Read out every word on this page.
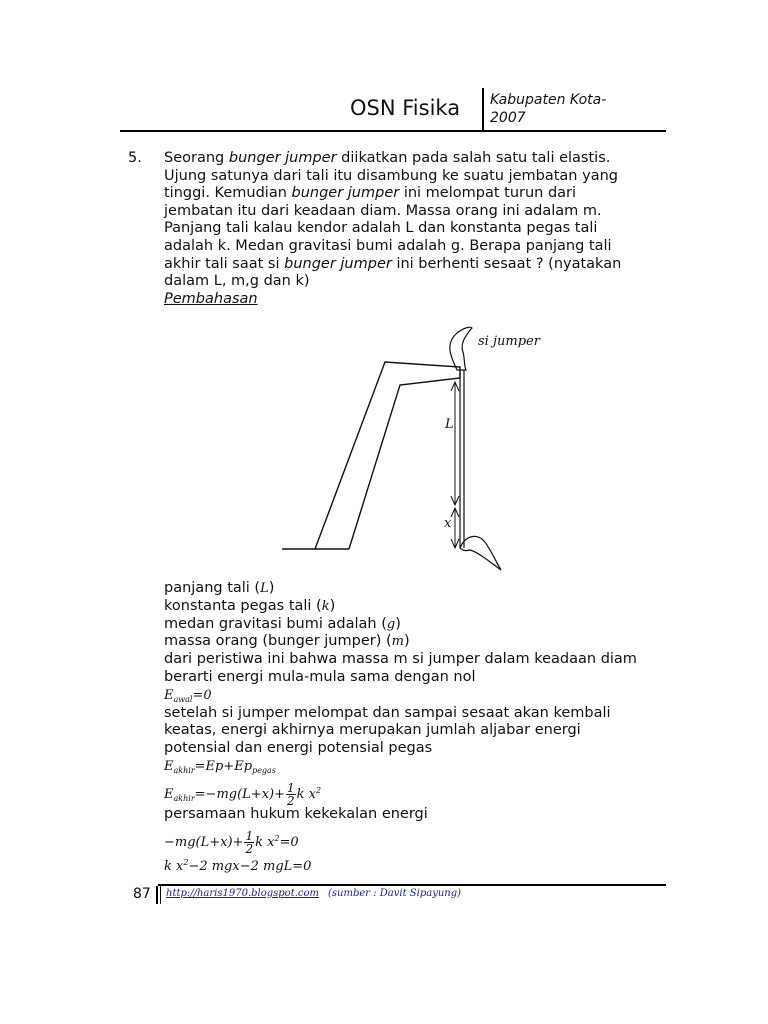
OSN Fisika Kabupaten Kota-
2007
5. Seorang bunger jumper diikatkan pada salah satu tali elastis.
Ujung satunya dari tali itu disambung ke suatu jembatan yang
tinggi. Kemudian bunger jumper ini melompat turun dari
jembatan itu dari keadaan diam. Massa orang ini adalam m.
Panjang tali kalau kendor adalah L dan konstanta pegas tali
adalah k. Medan gravitasi bumi adalah g. Berapa panjang tali
akhir tali saat si bunger jumper ini berhenti sesaat ? (nyatakan
dalam L, m,g dan k)
Pembahasan
si jumper
L
x
panjang tali (L)
konstanta pegas tali (k)
medan gravitasi bumi adalah (g)
massa orang (bunger jumper) (m)
dari peristiwa ini bahwa massa m si jumper dalam keadaan diam
berarti energi mula-mula sama dengan nol
$E_{awal}=0$
setelah si jumper melompat dan sampai sesaat akan kembali
keatas, energi akhirnya merupakan jumlah aljabar energi
potensial dan energi potensial pegas
$E_{akhir}=Ep+Ep_{pegas}$
$E_{akhir}=-mg(L+x)+ \frac{1}{2}$ k $x^2$
persamaan hukum kekekalan energi
$-mg(L+x)+ \frac{1}{2}$ k $x^2=0$
k $x^2-2$ mgx−2 mgL=0
87 http://haris1970.blogspot.com (sumber : Davit Sipayung)
